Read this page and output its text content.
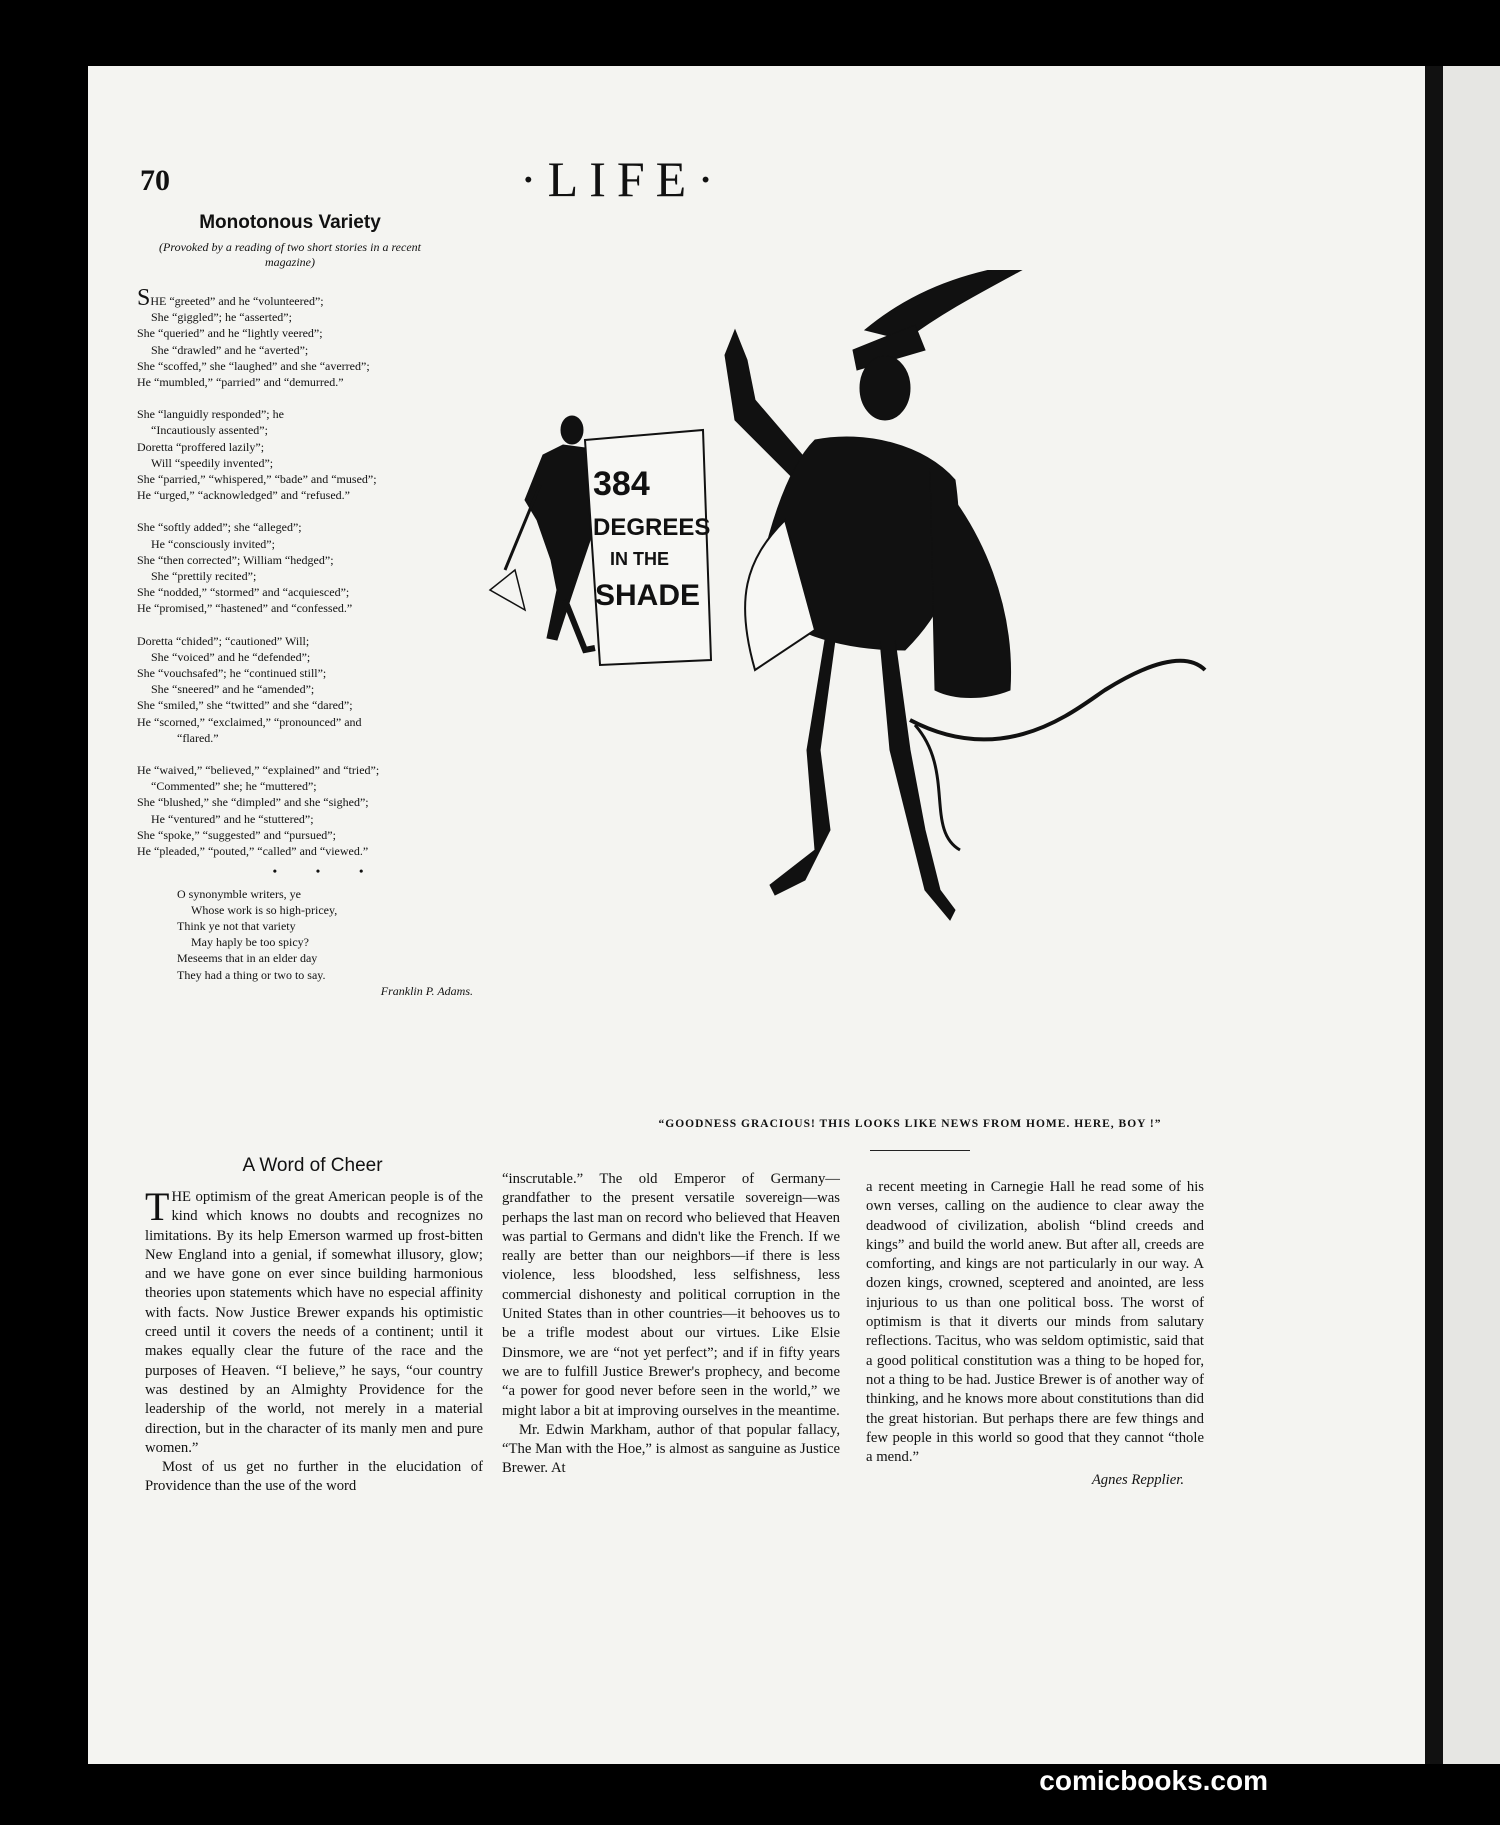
70	·LIFE·
Monotonous Variety
(Provoked by a reading of two short stories in a recent magazine)
SHE “greeted” and he “volunteered”;
She “giggled”; he “asserted”;
She “queried” and he “lightly veered”;
She “drawled” and he “averted”;
She “scoffed,” she “laughed” and she “averred”;
He “mumbled,” “parried” and “demurred.”
She “languidly responded”; he
“Incautiously assented”;
Doretta “proffered lazily”;
Will “speedily invented”;
She “parried,” “whispered,” “bade” and “mused”;
He “urged,” “acknowledged” and “refused.”
She “softly added”; she “alleged”;
He “consciously invited”;
She “then corrected”; William “hedged”;
She “prettily recited”;
She “nodded,” “stormed” and “acquiesced”;
He “promised,” “hastened” and “confessed.”
Doretta “chided”; “cautioned” Will;
She “voiced” and he “defended”;
She “vouchsafed”; he “continued still”;
She “sneered” and he “amended”;
She “smiled,” she “twitted” and she “dared”;
He “scorned,” “exclaimed,” “pronounced” and
“flared.”
He “waived,” “believed,” “explained” and “tried”;
“Commented” she; he “muttered”;
She “blushed,” she “dimpled” and she “sighed”;
He “ventured” and he “stuttered”;
She “spoke,” “suggested” and “pursued”;
He “pleaded,” “pouted,” “called” and “viewed.”
• • •
O synonymble writers, ye
Whose work is so high-pricey,
Think ye not that variety
May haply be too spicy?
Meseems that in an elder day
They had a thing or two to say.
Franklin P. Adams.
384
DEGREES
IN THE
SHADE
“GOODNESS GRACIOUS! THIS LOOKS LIKE NEWS FROM HOME. HERE, BOY !”
A Word of Cheer

THE optimism of the great American people is of the kind which knows no doubts and recognizes no limitations. By its help Emerson warmed up frost-bitten New England into a genial, if somewhat illusory, glow; and we have gone on ever since building harmonious theories upon statements which have no especial affinity with facts. Now Justice Brewer expands his optimistic creed until it covers the needs of a continent; until it makes equally clear the future of the race and the purposes of Heaven. “I believe,” he says, “our country was destined by an Almighty Providence for the leadership of the world, not merely in a material direction, but in the character of its manly men and pure women.”

Most of us get no further in the elucidation of Providence than the use of the word

“inscrutable.” The old Emperor of Germany—grandfather to the present versatile sovereign—was perhaps the last man on record who believed that Heaven was partial to Germans and didn't like the French. If we really are better than our neighbors—if there is less violence, less bloodshed, less selfishness, less commercial dishonesty and political corruption in the United States than in other countries—it behooves us to be a trifle modest about our virtues. Like Elsie Dinsmore, we are “not yet perfect”; and if in fifty years we are to fulfill Justice Brewer's prophecy, and become “a power for good never before seen in the world,” we might labor a bit at improving ourselves in the meantime.

Mr. Edwin Markham, author of that popular fallacy, “The Man with the Hoe,” is almost as sanguine as Justice Brewer. At

a recent meeting in Carnegie Hall he read some of his own verses, calling on the audience to clear away the deadwood of civilization, abolish “blind creeds and kings” and build the world anew. But after all, creeds are comforting, and kings are not particularly in our way. A dozen kings, crowned, sceptered and anointed, are less injurious to us than one political boss. The worst of optimism is that it diverts our minds from salutary reflections. Tacitus, who was seldom optimistic, said that a good political constitution was a thing to be hoped for, not a thing to be had. Justice Brewer is of another way of thinking, and he knows more about constitutions than did the great historian. But perhaps there are few things and few people in this world so good that they cannot “thole a mend.”

Agnes Repplier.
comicbooks.com
